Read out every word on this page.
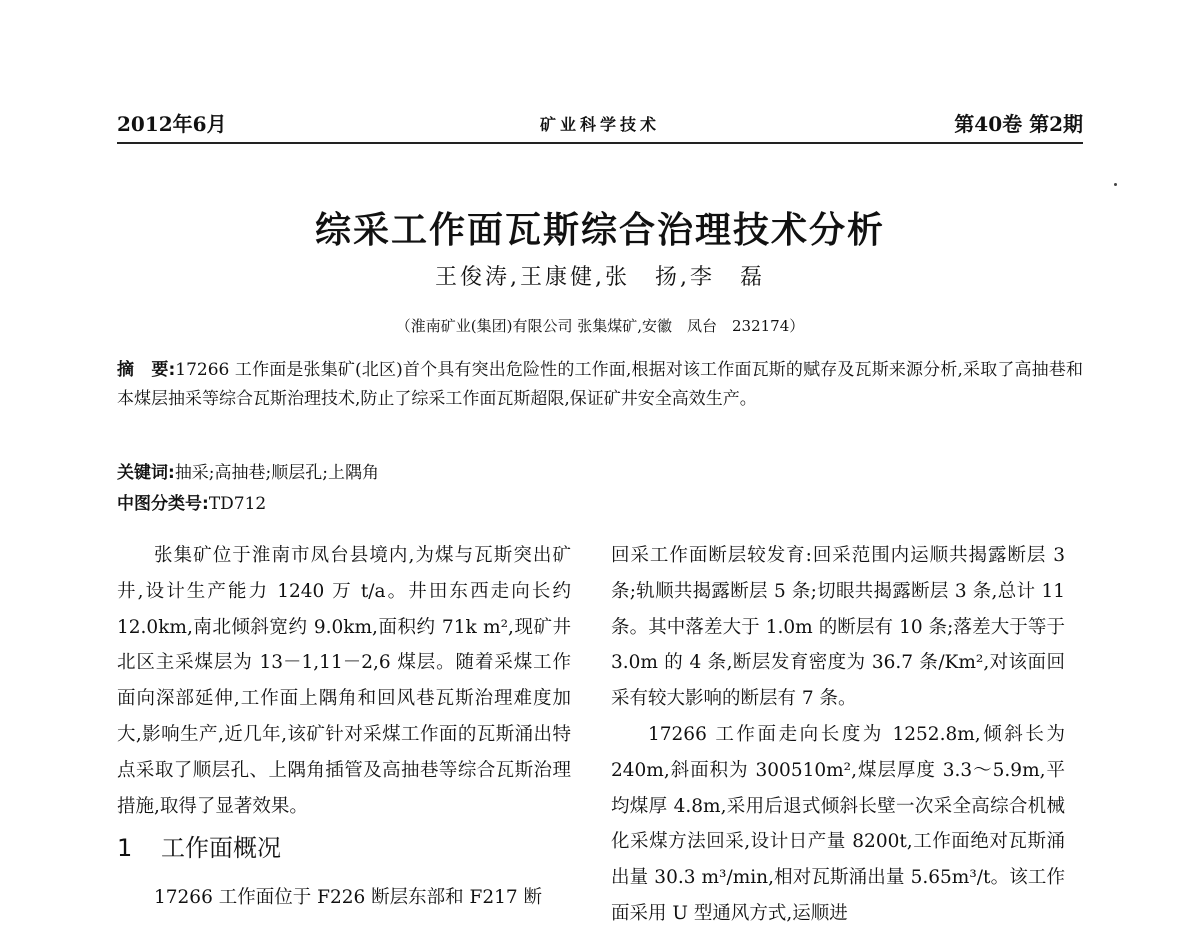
2012年6月	矿业科学技术	第40卷 第2期
综采工作面瓦斯综合治理技术分析
王俊涛,王康健,张　扬,李　磊
（淮南矿业(集团)有限公司 张集煤矿,安徽　凤台　232174）
摘　要:17266 工作面是张集矿(北区)首个具有突出危险性的工作面,根据对该工作面瓦斯的赋存及瓦斯来源分析,采取了高抽巷和本煤层抽采等综合瓦斯治理技术,防止了综采工作面瓦斯超限,保证矿井安全高效生产。
关键词:抽采;高抽巷;顺层孔;上隅角
中图分类号:TD712

张集矿位于淮南市凤台县境内,为煤与瓦斯突出矿井,设计生产能力 1240 万 t/a。井田东西走向长约 12.0km,南北倾斜宽约 9.0km,面积约 71k m²,现矿井北区主采煤层为 13－1,11－2,6 煤层。随着采煤工作面向深部延伸,工作面上隅角和回风巷瓦斯治理难度加大,影响生产,近几年,该矿针对采煤工作面的瓦斯涌出特点采取了顺层孔、上隅角插管及高抽巷等综合瓦斯治理措施,取得了显著效果。

1 工作面概况

17266 工作面位于 F226 断层东部和 F217 断

回采工作面断层较发育:回采范围内运顺共揭露断层 3 条;轨顺共揭露断层 5 条;切眼共揭露断层 3 条,总计 11 条。其中落差大于 1.0m 的断层有 10 条;落差大于等于 3.0m 的 4 条,断层发育密度为 36.7 条/Km²,对该面回采有较大影响的断层有 7 条。

17266 工作面走向长度为 1252.8m,倾斜长为 240m,斜面积为 300510m²,煤层厚度 3.3～5.9m,平均煤厚 4.8m,采用后退式倾斜长壁一次采全高综合机械化采煤方法回采,设计日产量 8200t,工作面绝对瓦斯涌出量 30.3 m³/min,相对瓦斯涌出量 5.65m³/t。该工作面采用 U 型通风方式,运顺进
